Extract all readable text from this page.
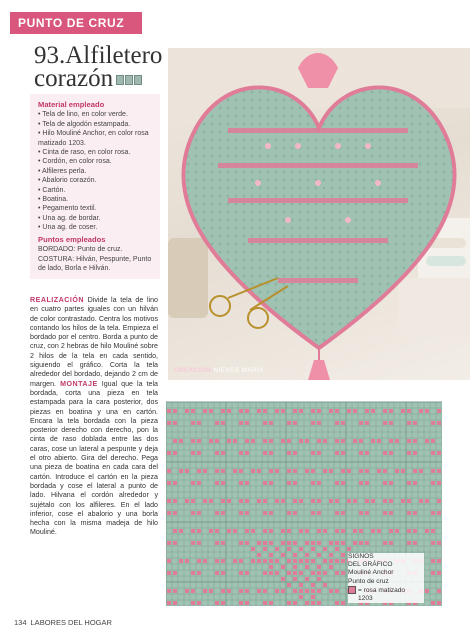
PUNTO DE CRUZ
93.Alfiletero
corazón
Material empleado
• Tela de lino, en color verde.
• Tela de algodón estampada.
• Hilo Mouliné Anchor, en color rosa matizado 1203.
• Cinta de raso, en color rosa.
• Cordón, en color rosa.
• Alfileres perla.
• Abalorio corazón.
• Cartón.
• Boatina.
• Pegamento textil.
• Una ag. de bordar.
• Una ag. de coser.
Puntos empleados

BORDADO: Punto de cruz.

COSTURA: Hilván, Pespunte, Punto de lado, Borla e Hilván.

CREACIÓN NIEVES MARÍA
REALIZACIÓN Divide la tela de lino en cuatro partes iguales con un hilván de color contrastado. Centra los motivos contando los hilos de la tela. Empieza el bordado por el centro. Borda a punto de cruz, con 2 hebras de hilo Mouliné sobre 2 hilos de la tela en cada sentido, siguiendo el gráfico. Corta la tela alrededor del bordado, dejando 2 cm de margen. MONTAJE Igual que la tela bordada, corta una pieza en tela estampada para la cara posterior, dos piezas en boatina y una en cartón. Encara la tela bordada con la pieza posterior derecho con derecho, pon la cinta de raso doblada entre las dos caras, cose un lateral a pespunte y deja el otro abierto. Gira del derecho. Pega una pieza de boatina en cada cara del cartón. Introduce el cartón en la pieza bordada y cose el lateral a punto de lado. Hilvana el cordón alrededor y sujétalo con los alfileres. En el lado inferior, cose el abalorio y una borla hecha con la misma madeja de hilo Mouliné.
SIGNOS
DEL GRÁFICO
Mouliné Anchor
Punto de cruz
= rosa matizado
1203
134 LABORES DEL HOGAR
